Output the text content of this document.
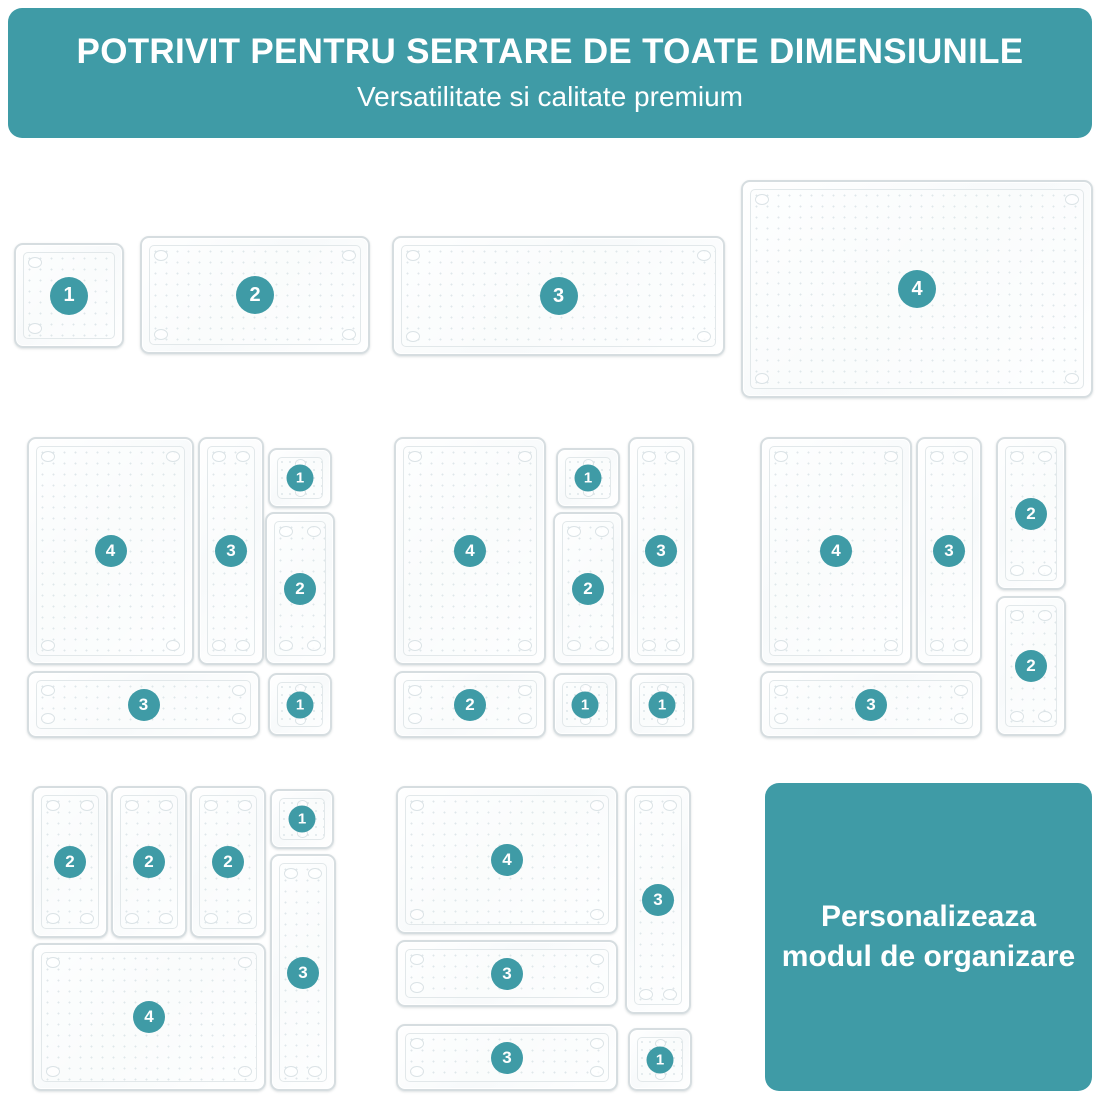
POTRIVIT PENTRU SERTARE DE TOATE DIMENSIUNILE
Versatilitate si calitate premium
1	2	3	4
4	3
1
2
3	1
4
1
3
2
2	1	1
4	3
2
2
3
2	2	2
1
4
3
4
3
3
3	1
Personalizeaza modul de organizare
